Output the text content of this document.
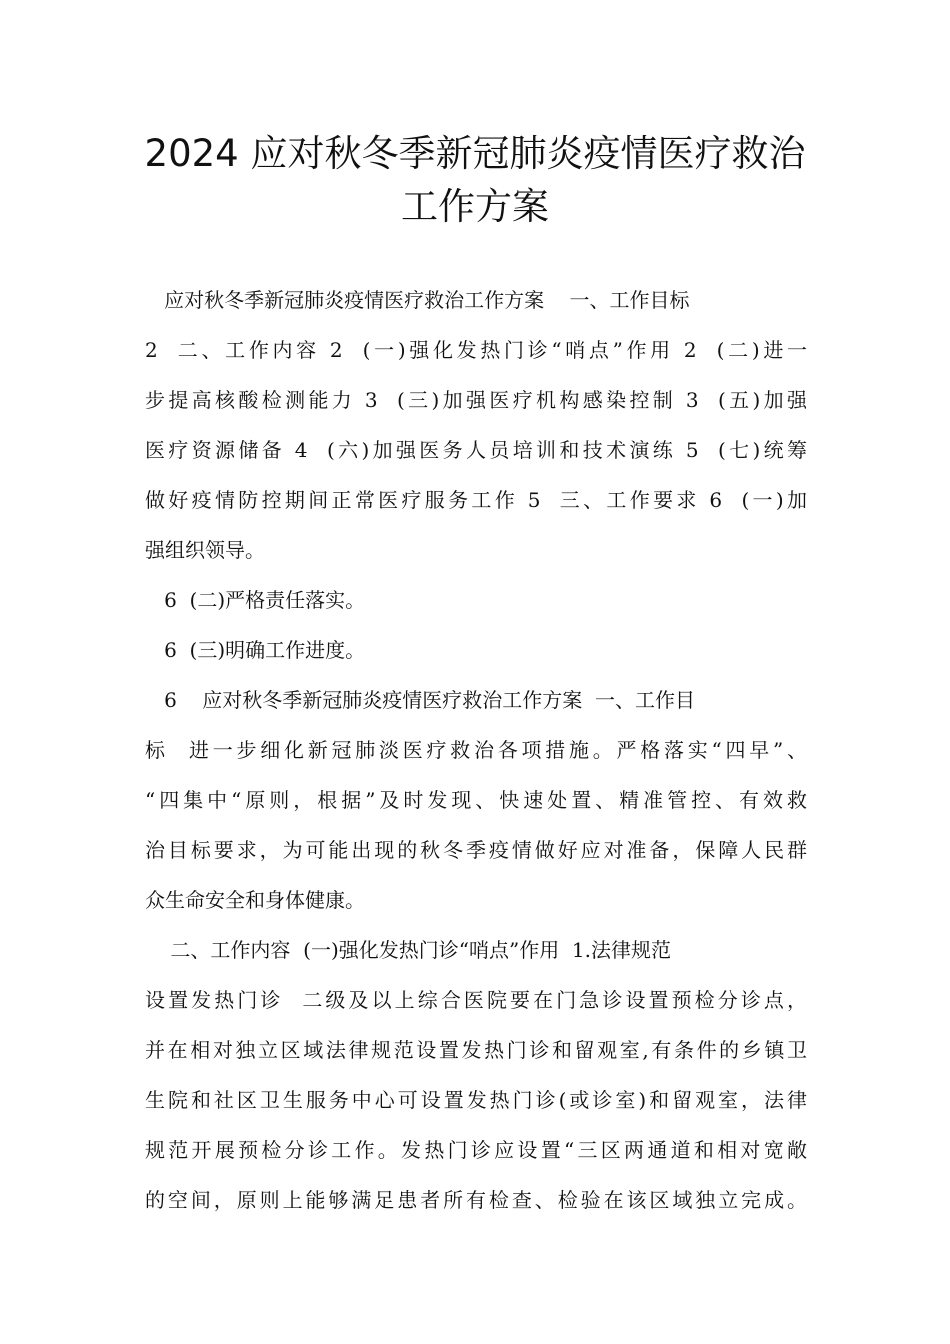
2024 应对秋冬季新冠肺炎疫情医疗救治
工作方案
应对秋冬季新冠肺炎疫情医疗救治工作方案    一、工作目标
2  二、工作内容 2  (一)强化发热门诊“哨点”作用 2  (二)进一
步提高核酸检测能力 3  (三)加强医疗机构感染控制 3  (五)加强
医疗资源储备 4  (六)加强医务人员培训和技术演练 5  (七)统筹
做好疫情防控期间正常医疗服务工作 5  三、工作要求 6  (一)加
强组织领导。
6  (二)严格责任落实。
6  (三)明确工作进度。
6    应对秋冬季新冠肺炎疫情医疗救治工作方案  一、工作目
标  进一步细化新冠肺淡医疗救治各项措施。严格落实“四早”、
“四集中“原则，根据”及时发现、快速处置、精准管控、有效救
治目标要求，为可能出现的秋冬季疫情做好应对准备，保障人民群
众生命安全和身体健康。
二、工作内容  (一)强化发热门诊“哨点”作用  1.法律规范
设置发热门诊  二级及以上综合医院要在门急诊设置预检分诊点，
并在相对独立区域法律规范设置发热门诊和留观室,有条件的乡镇卫
生院和社区卫生服务中心可设置发热门诊(或诊室)和留观室，法律
规范开展预检分诊工作。发热门诊应设置“三区两通道和相对宽敞
的空间，原则上能够满足患者所有检查、检验在该区域独立完成。
